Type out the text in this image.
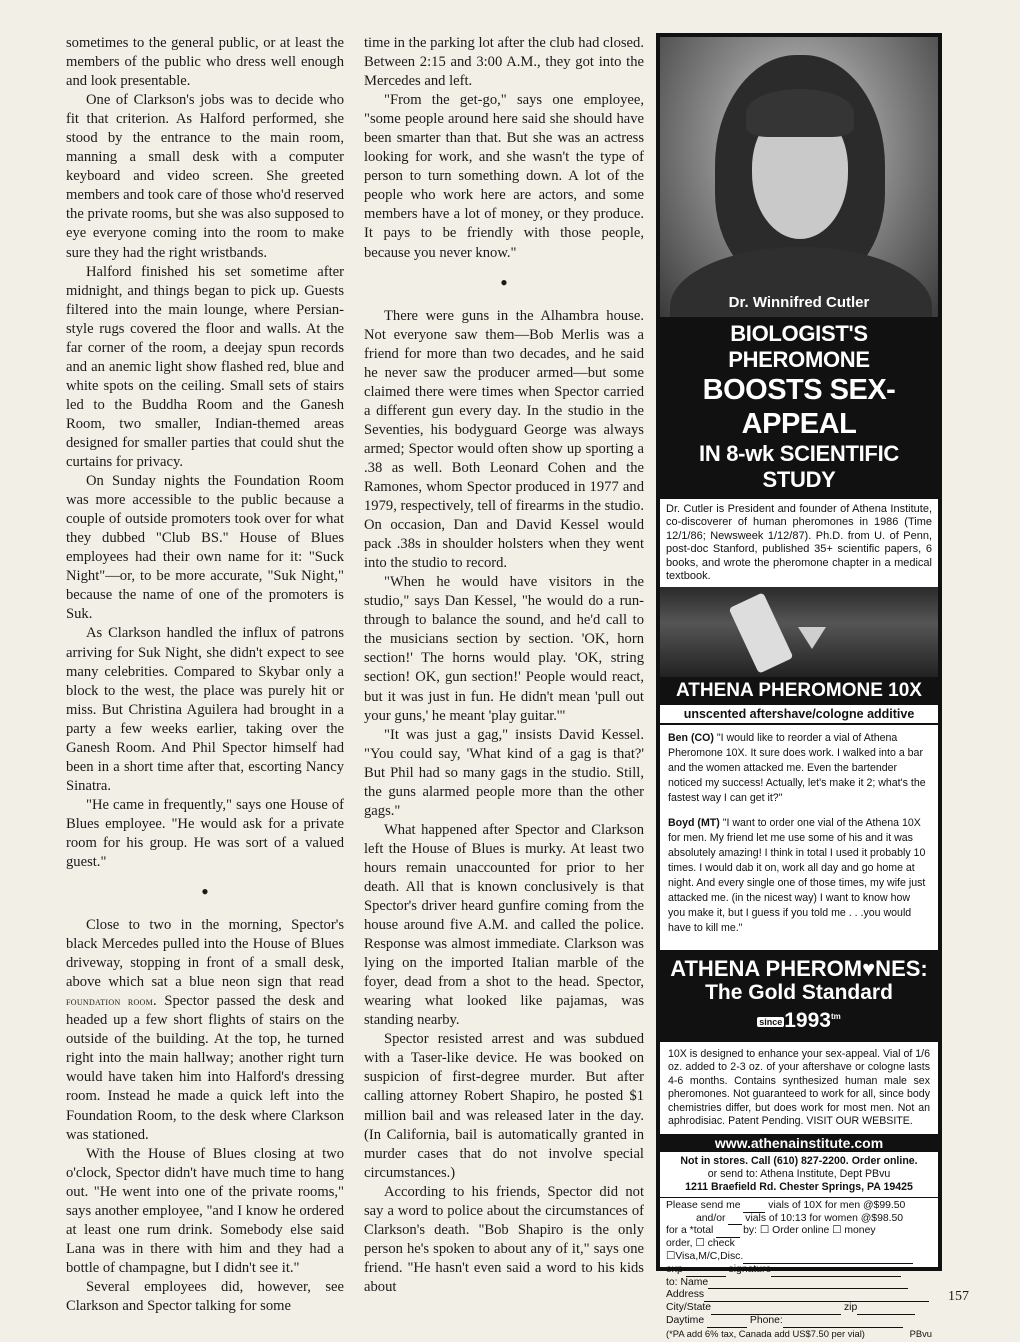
sometimes to the general public, or at least the members of the public who dress well enough and look presentable.

One of Clarkson's jobs was to decide who fit that criterion. As Halford performed, she stood by the entrance to the main room, manning a small desk with a computer keyboard and video screen. She greeted members and took care of those who'd reserved the private rooms, but she was also supposed to eye everyone coming into the room to make sure they had the right wristbands.

Halford finished his set sometime after midnight, and things began to pick up. Guests filtered into the main lounge, where Persian-style rugs covered the floor and walls. At the far corner of the room, a deejay spun records and an anemic light show flashed red, blue and white spots on the ceiling. Small sets of stairs led to the Buddha Room and the Ganesh Room, two smaller, Indian-themed areas designed for smaller parties that could shut the curtains for privacy.

On Sunday nights the Foundation Room was more accessible to the public because a couple of outside promoters took over for what they dubbed "Club BS." House of Blues employees had their own name for it: "Suck Night"—or, to be more accurate, "Suk Night," because the name of one of the promoters is Suk.

As Clarkson handled the influx of patrons arriving for Suk Night, she didn't expect to see many celebrities. Compared to Skybar only a block to the west, the place was purely hit or miss. But Christina Aguilera had brought in a party a few weeks earlier, taking over the Ganesh Room. And Phil Spector himself had been in a short time after that, escorting Nancy Sinatra.

"He came in frequently," says one House of Blues employee. "He would ask for a private room for his group. He was sort of a valued guest."

•

Close to two in the morning, Spector's black Mercedes pulled into the House of Blues driveway, stopping in front of a small desk, above which sat a blue neon sign that read foundation room. Spector passed the desk and headed up a few short flights of stairs on the outside of the building. At the top, he turned right into the main hallway; another right turn would have taken him into Halford's dressing room. Instead he made a quick left into the Foundation Room, to the desk where Clarkson was stationed.

With the House of Blues closing at two o'clock, Spector didn't have much time to hang out. "He went into one of the private rooms," says another employee, "and I know he ordered at least one rum drink. Somebody else said Lana was in there with him and they had a bottle of champagne, but I didn't see it."

Several employees did, however, see Clarkson and Spector talking for some

time in the parking lot after the club had closed. Between 2:15 and 3:00 A.M., they got into the Mercedes and left.

"From the get-go," says one employee, "some people around here said she should have been smarter than that. But she was an actress looking for work, and she wasn't the type of person to turn something down. A lot of the people who work here are actors, and some members have a lot of money, or they produce. It pays to be friendly with those people, because you never know."

•

There were guns in the Alhambra house. Not everyone saw them—Bob Merlis was a friend for more than two decades, and he said he never saw the producer armed—but some claimed there were times when Spector carried a different gun every day. In the studio in the Seventies, his bodyguard George was always armed; Spector would often show up sporting a .38 as well. Both Leonard Cohen and the Ramones, whom Spector produced in 1977 and 1979, respectively, tell of firearms in the studio. On occasion, Dan and David Kessel would pack .38s in shoulder holsters when they went into the studio to record.

"When he would have visitors in the studio," says Dan Kessel, "he would do a run-through to balance the sound, and he'd call to the musicians section by section. 'OK, horn section!' The horns would play. 'OK, string section! OK, gun section!' People would react, but it was just in fun. He didn't mean 'pull out your guns,' he meant 'play guitar.'"

"It was just a gag," insists David Kessel. "You could say, 'What kind of a gag is that?' But Phil had so many gags in the studio. Still, the guns alarmed people more than the other gags."

What happened after Spector and Clarkson left the House of Blues is murky. At least two hours remain unaccounted for prior to her death. All that is known conclusively is that Spector's driver heard gunfire coming from the house around five A.M. and called the police. Response was almost immediate. Clarkson was lying on the imported Italian marble of the foyer, dead from a shot to the head. Spector, wearing what looked like pajamas, was standing nearby.

Spector resisted arrest and was subdued with a Taser-like device. He was booked on suspicion of first-degree murder. But after calling attorney Robert Shapiro, he posted $1 million bail and was released later in the day. (In California, bail is automatically granted in murder cases that do not involve special circumstances.)

According to his friends, Spector did not say a word to police about the circumstances of Clarkson's death. "Bob Shapiro is the only person he's spoken to about any of it," says one friend. "He hasn't even said a word to his kids about

Dr. Winnifred Cutler
BIOLOGIST'S PHEROMONE
BOOSTS SEX-APPEAL
IN 8-wk SCIENTIFIC STUDY
Dr. Cutler is President and founder of Athena Institute, co-discoverer of human pheromones in 1986 (Time 12/1/86; Newsweek 1/12/87). Ph.D. from U. of Penn, post-doc Stanford, published 35+ scientific papers, 6 books, and wrote the pheromone chapter in a medical textbook.
ATHENA PHEROMONE 10X
unscented aftershave/cologne additive

Ben (CO) "I would like to reorder a vial of Athena Pheromone 10X. It sure does work. I walked into a bar and the women attacked me. Even the bartender noticed my success! Actually, let's make it 2; what's the fastest way I can get it?"

Boyd (MT) "I want to order one vial of the Athena 10X for men. My friend let me use some of his and it was absolutely amazing! I think in total I used it probably 10 times. I would dab it on, work all day and go home at night. And every single one of those times, my wife just attacked me. (in the nicest way) I want to know how you make it, but I guess if you told me . . .you would have to kill me."

ATHENA PHEROM♥NES:
The Gold Standard $since1993^{tm}$
10X is designed to enhance your sex-appeal. Vial of 1/6 oz. added to 2-3 oz. of your aftershave or cologne lasts 4-6 months. Contains synthesized human male sex pheromones. Not guaranteed to work for all, since body chemistries differ, but does work for most men. Not an aphrodisiac. Patent Pending. VISIT OUR WEBSITE.
www.athenainstitute.com
Not in stores. Call (610) 827-2200. Order online.
or send to: Athena Institute, Dept PBvu
1211 Braefield Rd. Chester Springs, PA 19425
Please send me	vials of 10X for men @$99.50
and/or vials of 10:13 for women @$98.50
for a *total	by: ☐ Order online ☐ money
order, ☐ check
☐Visa,M/C,Disc.
exp	signature
to: Name
Address
City/State	zip
Daytime	Phone:
(*PA add 6% tax, Canada add US$7.50 per vial)	PBvu
157
